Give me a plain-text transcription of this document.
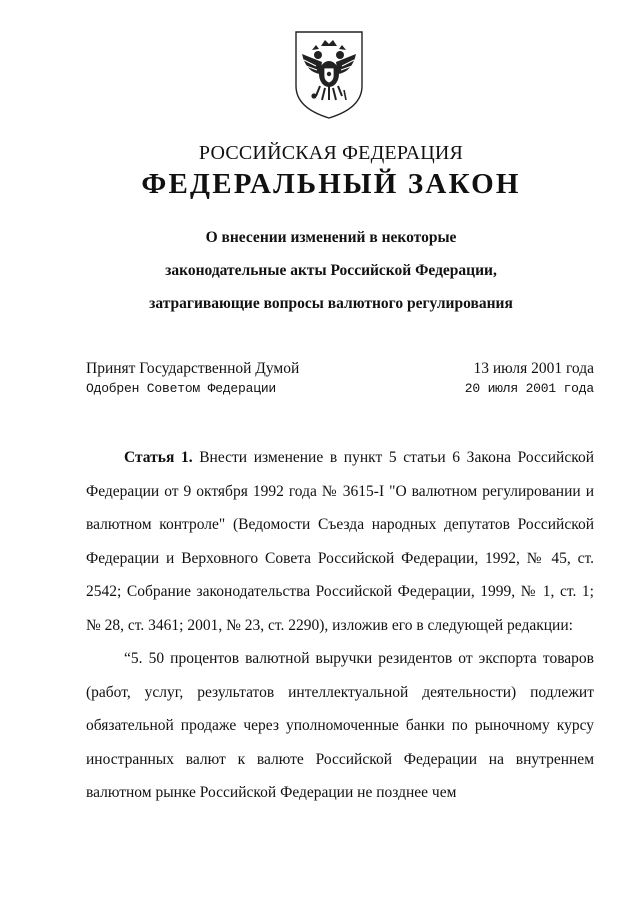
РОССИЙСКАЯ ФЕДЕРАЦИЯ
ФЕДЕРАЛЬНЫЙ ЗАКОН
О внесении изменений в некоторые
законодательные акты Российской Федерации,
затрагивающие вопросы валютного регулирования
Принят Государственной Думой	13 июля 2001 года
Одобрен Советом Федерации	20 июля 2001 года

Статья 1. Внести изменение в пункт 5 статьи 6 Закона Российской Федерации от 9 октября 1992 года № 3615-I "О валютном регулировании и валютном контроле" (Ведомости Съезда народных депутатов Российской Федерации и Верховного Совета Российской Федерации, 1992, № 45, ст. 2542; Собрание законодательства Российской Федерации, 1999, № 1, ст. 1; № 28, ст. 3461; 2001, № 23, ст. 2290), изложив его в следующей редакции:

“5. 50 процентов валютной выручки резидентов от экспорта товаров (работ, услуг, результатов интеллектуальной деятельности) подлежит обязательной продаже через уполномоченные банки по рыночному курсу иностранных валют к валюте Российской Федерации на внутреннем валютном рынке Российской Федерации не позднее чем
